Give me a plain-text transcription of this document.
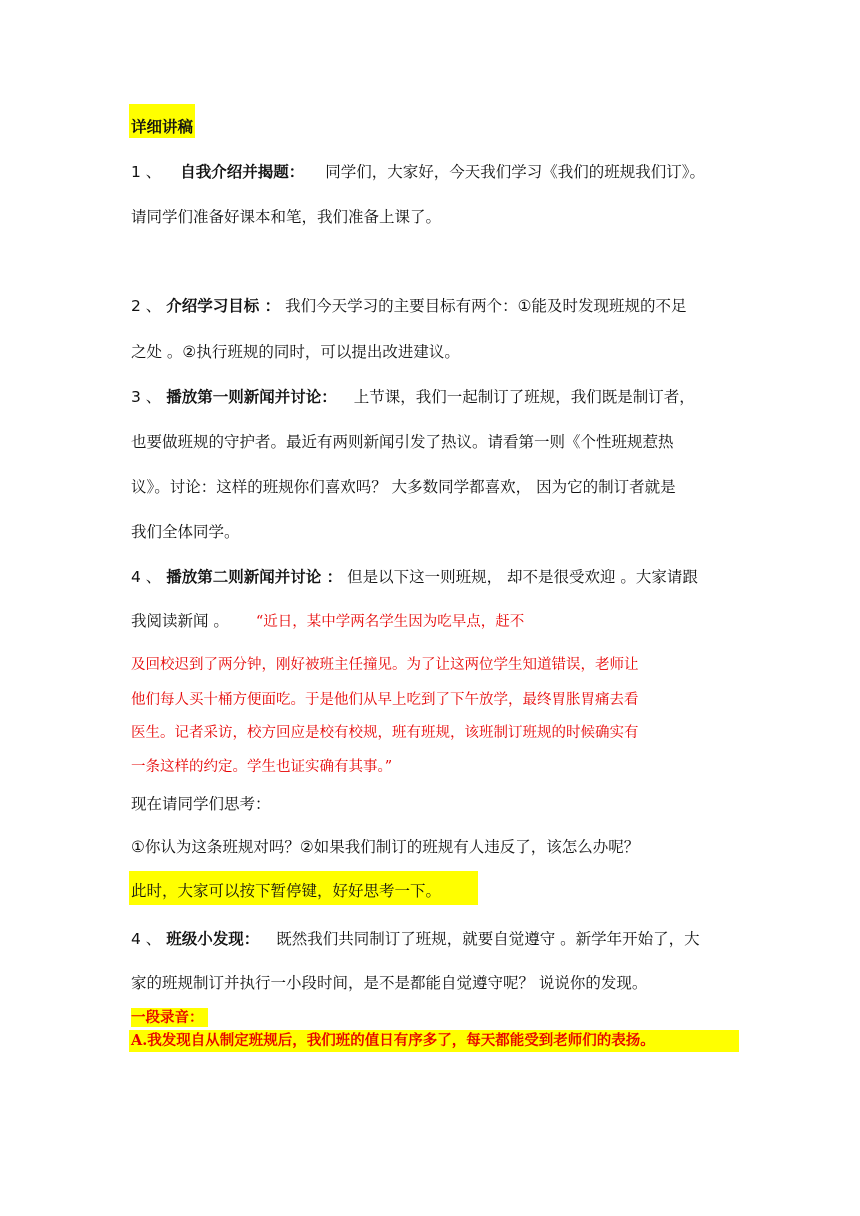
详细讲稿
1 、 自我介绍并揭题： 同学们，大家好，今天我们学习《我们的班规我们订》。
请同学们准备好课本和笔，我们准备上课了。
2 、 介绍学习目标 ： 我们今天学习的主要目标有两个：①能及时发现班规的不足
之处 。②执行班规的同时，可以提出改进建议。
3 、 播放第一则新闻并讨论： 上节课，我们一起制订了班规，我们既是制订者，
也要做班规的守护者。最近有两则新闻引发了热议。请看第一则《个性班规惹热
议》。讨论：这样的班规你们喜欢吗？ 大多数同学都喜欢， 因为它的制订者就是
我们全体同学。
4 、 播放第二则新闻并讨论 ： 但是以下这一则班规， 却不是很受欢迎 。大家请跟
我阅读新闻 。 “近日，某中学两名学生因为吃早点，赶不
及回校迟到了两分钟，刚好被班主任撞见。为了让这两位学生知道错误，老师让
他们每人买十桶方便面吃。于是他们从早上吃到了下午放学，最终胃胀胃痛去看
医生。记者采访，校方回应是校有校规，班有班规，该班制订班规的时候确实有
一条这样的约定。学生也证实确有其事。”
现在请同学们思考：
①你认为这条班规对吗？②如果我们制订的班规有人违反了，该怎么办呢？
此时，大家可以按下暂停键，好好思考一下。
4 、 班级小发现： 既然我们共同制订了班规，就要自觉遵守 。新学年开始了，大
家的班规制订并执行一小段时间，是不是都能自觉遵守呢？ 说说你的发现。
一段录音：
A.我发现自从制定班规后，我们班的值日有序多了，每天都能受到老师们的表扬。
